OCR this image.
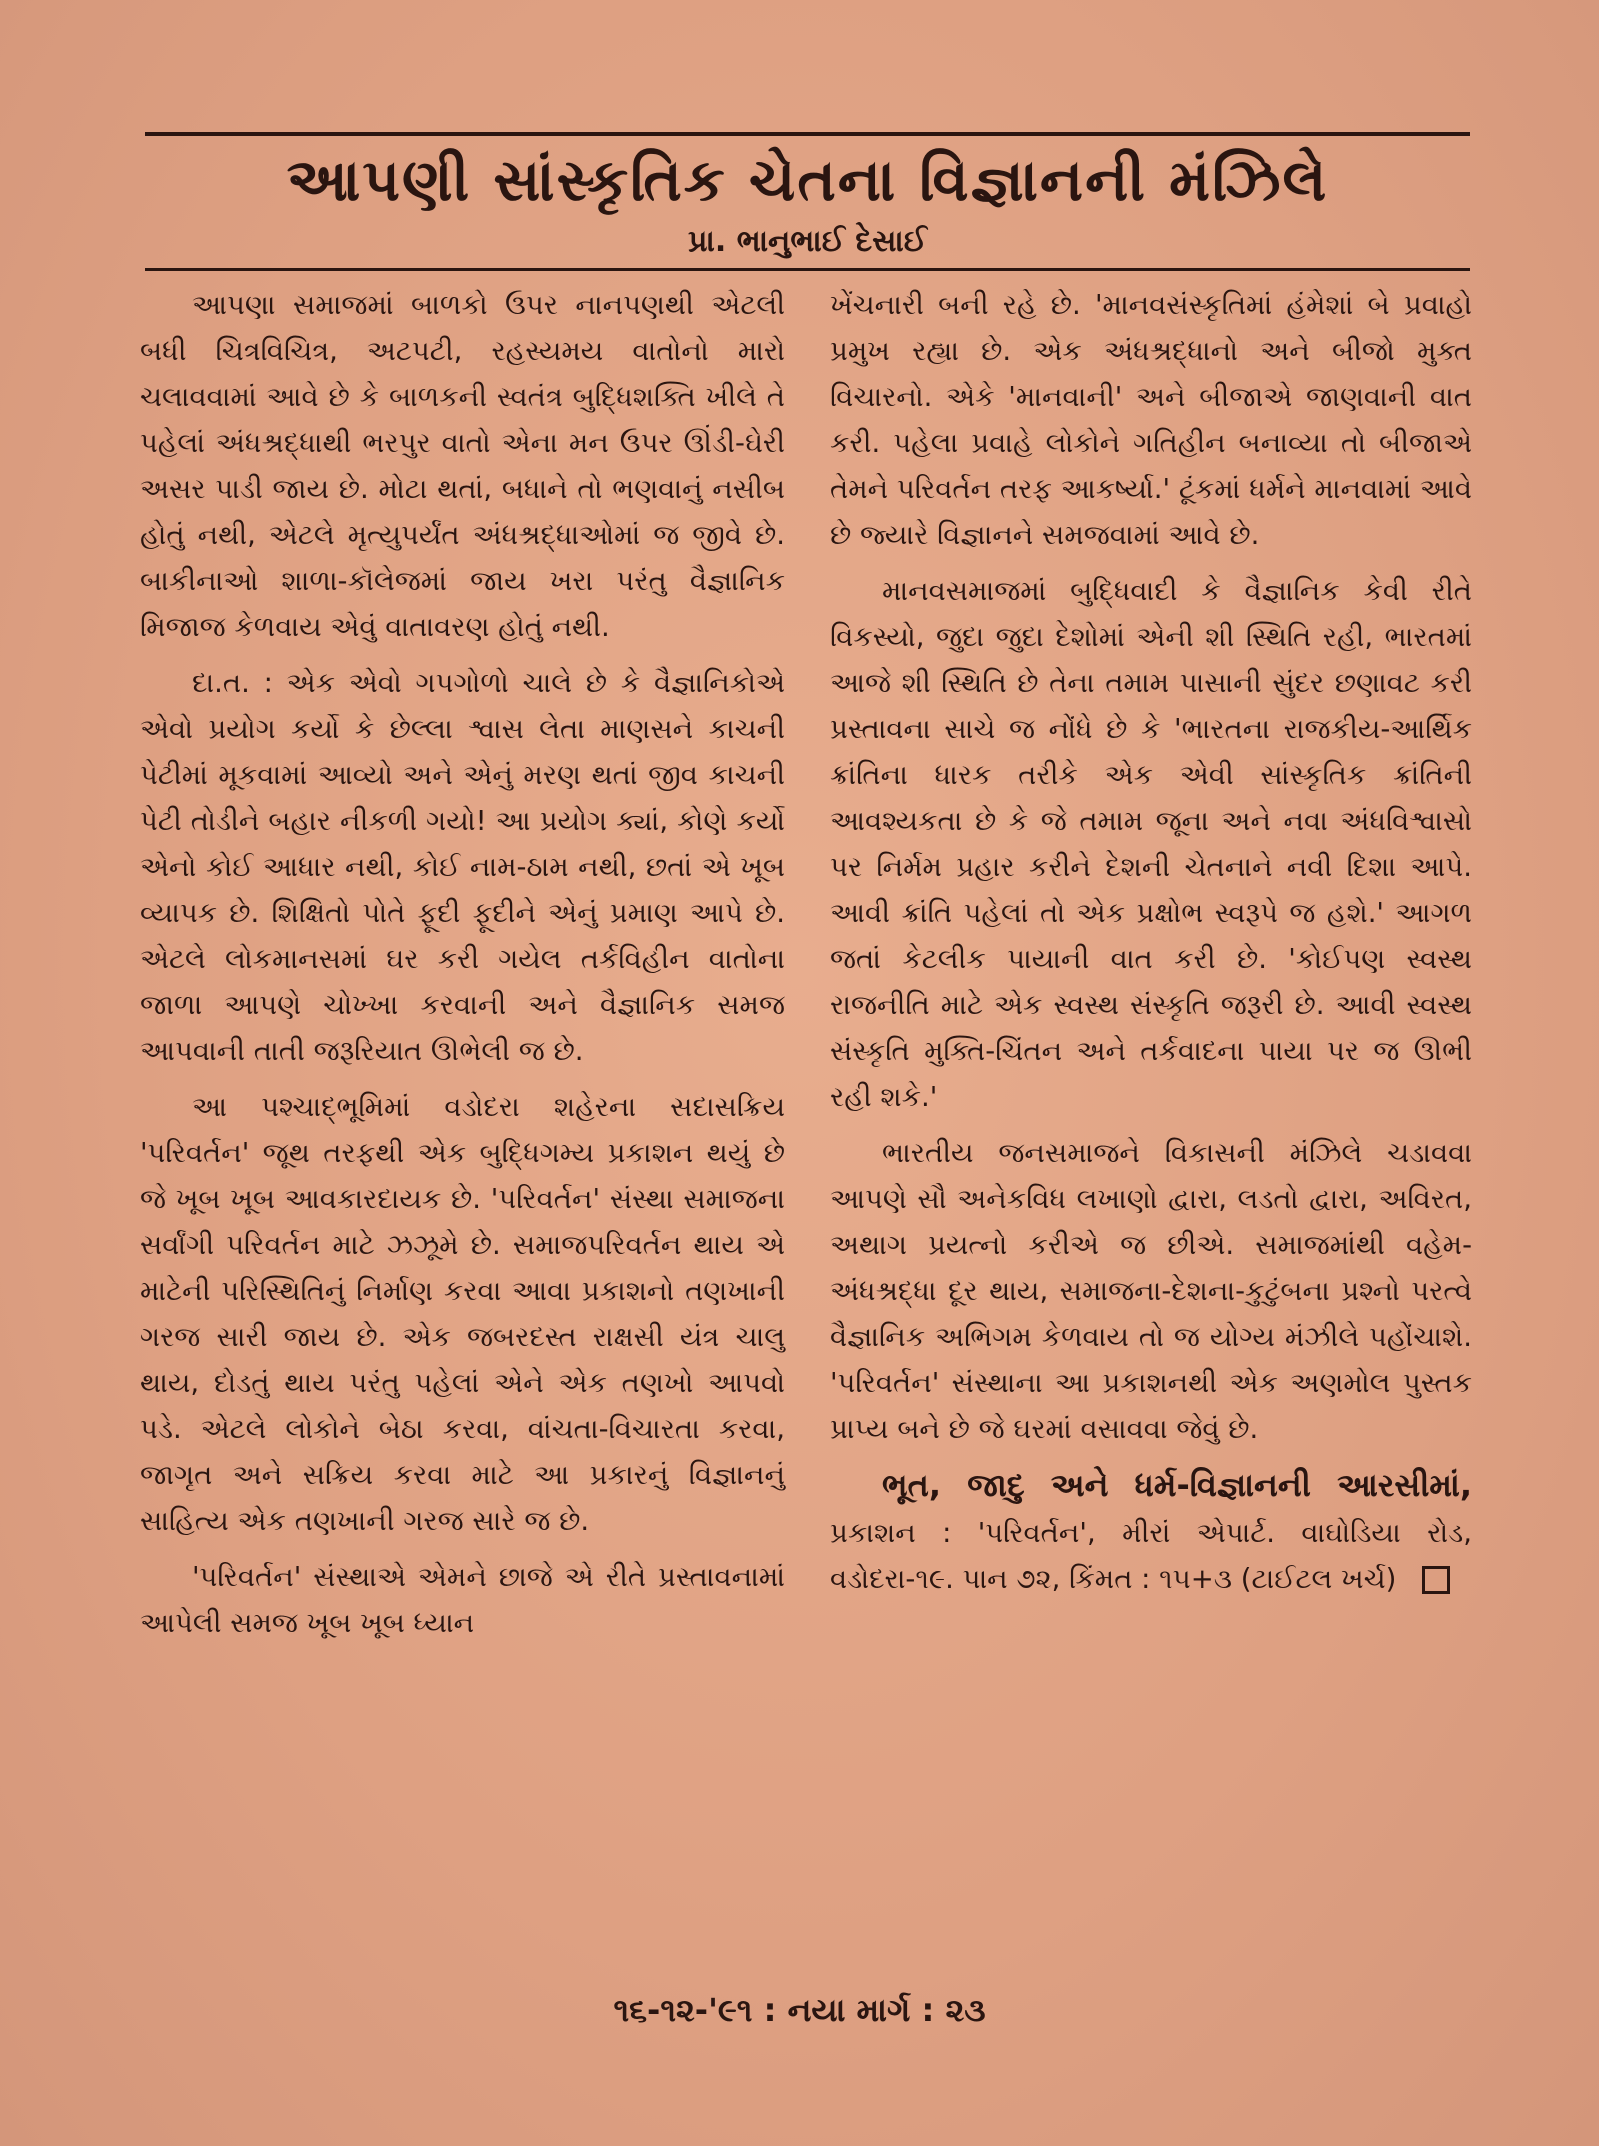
આપણી સાંસ્કૃતિક ચેતના વિજ્ઞાનની મંઝિલે
પ્રા. ભાનુભાઈ દેસાઈ

આપણા સમાજમાં બાળકો ઉપર નાનપણથી એટલી બધી ચિત્રવિચિત્ર, અટપટી, રહસ્યમય વાતોનો મારો ચલાવવામાં આવે છે કે બાળકની સ્વતંત્ર બુદ્ધિશક્તિ ખીલે તે પહેલાં અંધશ્રદ્ધાથી ભરપુર વાતો એના મન ઉપર ઊંડી-ઘેરી અસર પાડી જાય છે. મોટા થતાં, બધાને તો ભણવાનું નસીબ હોતું નથી, એટલે મૃત્યુપર્યંત અંધશ્રદ્ધાઓમાં જ જીવે છે. બાકીનાઓ શાળા-કૉલેજમાં જાય ખરા પરંતુ વૈજ્ઞાનિક મિજાજ કેળવાય એવું વાતાવરણ હોતું નથી.

દા.ત. : એક એવો ગપગોળો ચાલે છે કે વૈજ્ઞાનિકોએ એવો પ્રયોગ કર્યો કે છેલ્લા શ્વાસ લેતા માણસને કાચની પેટીમાં મૂકવામાં આવ્યો અને એનું મરણ થતાં જીવ કાચની પેટી તોડીને બહાર નીકળી ગયો! આ પ્રયોગ ક્યાં, કોણે કર્યો એનો કોઈ આધાર નથી, કોઈ નામ-ઠામ નથી, છતાં એ ખૂબ વ્યાપક છે. શિક્ષિતો પોતે ફૂદી ફૂદીને એનું પ્રમાણ આપે છે. એટલે લોકમાનસમાં ઘર કરી ગયેલ તર્કવિહીન વાતોના જાળા આપણે ચોખ્ખા કરવાની અને વૈજ્ઞાનિક સમજ આપવાની તાતી જરૂરિયાત ઊભેલી જ છે.

આ પશ્ચાદ્ભૂમિમાં વડોદરા શહેરના સદાસક્રિય 'પરિવર્તન' જૂથ તરફથી એક બુદ્ધિગમ્ય પ્રકાશન થયું છે જે ખૂબ ખૂબ આવકારદાયક છે. 'પરિવર્તન' સંસ્થા સમાજના સર્વાંગી પરિવર્તન માટે ઝઝૂમે છે. સમાજપરિવર્તન થાય એ માટેની પરિસ્થિતિનું નિર્માણ કરવા આવા પ્રકાશનો તણખાની ગરજ સારી જાય છે. એક જબરદસ્ત રાક્ષસી યંત્ર ચાલુ થાય, દોડતું થાય પરંતુ પહેલાં એને એક તણખો આપવો પડે. એટલે લોકોને બેઠા કરવા, વાંચતા-વિચારતા કરવા, જાગૃત અને સક્રિય કરવા માટે આ પ્રકારનું વિજ્ઞાનનું સાહિત્ય એક તણખાની ગરજ સારે જ છે.

'પરિવર્તન' સંસ્થાએ એમને છાજે એ રીતે પ્રસ્તાવનામાં આપેલી સમજ ખૂબ ખૂબ ધ્યાન

ખેંચનારી બની રહે છે. 'માનવસંસ્કૃતિમાં હંમેશાં બે પ્રવાહો પ્રમુખ રહ્યા છે. એક અંધશ્રદ્ધાનો અને બીજો મુક્ત વિચારનો. એકે 'માનવાની' અને બીજાએ જાણવાની વાત કરી. પહેલા પ્રવાહે લોકોને ગતિહીન બનાવ્યા તો બીજાએ તેમને પરિવર્તન તરફ આકર્ષ્યા.' ટૂંકમાં ધર્મને માનવામાં આવે છે જ્યારે વિજ્ઞાનને સમજવામાં આવે છે.

માનવસમાજમાં બુદ્ધિવાદી કે વૈજ્ઞાનિક કેવી રીતે વિકસ્યો, જુદા જુદા દેશોમાં એની શી સ્થિતિ રહી, ભારતમાં આજે શી સ્થિતિ છે તેના તમામ પાસાની સુંદર છણાવટ કરી પ્રસ્તાવના સાચે જ નોંધે છે કે 'ભારતના રાજકીય-આર્થિક ક્રાંતિના ધારક તરીકે એક એવી સાંસ્કૃતિક ક્રાંતિની આવશ્યકતા છે કે જે તમામ જૂના અને નવા અંધવિશ્વાસો પર નિર્મમ પ્રહાર કરીને દેશની ચેતનાને નવી દિશા આપે. આવી ક્રાંતિ પહેલાં તો એક પ્રક્ષોભ સ્વરૂપે જ હશે.' આગળ જતાં કેટલીક પાયાની વાત કરી છે. 'કોઈપણ સ્વસ્થ રાજનીતિ માટે એક સ્વસ્થ સંસ્કૃતિ જરૂરી છે. આવી સ્વસ્થ સંસ્કૃતિ મુક્તિ-ચિંતન અને તર્કવાદના પાયા પર જ ઊભી રહી શકે.'

ભારતીય જનસમાજને વિકાસની મંઝિલે ચડાવવા આપણે સૌ અનેકવિધ લખાણો દ્વારા, લડતો દ્વારા, અવિરત, અથાગ પ્રયત્નો કરીએ જ છીએ. સમાજમાંથી વહેમ-અંધશ્રદ્ધા દૂર થાય, સમાજના-દેશના-કુટુંબના પ્રશ્નો પરત્વે વૈજ્ઞાનિક અભિગમ કેળવાય તો જ યોગ્ય મંઝીલે પહોંચાશે. 'પરિવર્તન' સંસ્થાના આ પ્રકાશનથી એક અણમોલ પુસ્તક પ્રાપ્ય બને છે જે ઘરમાં વસાવવા જેવું છે.

ભૂત, જાદુ અને ધર્મ-વિજ્ઞાનની આરસીમાં, પ્રકાશન : 'પરિવર્તન', મીરાં એપાર્ટ. વાઘોડિયા રોડ, વડોદરા-૧૯. પાન ૭૨, કિંમત : ૧૫+૩ (ટાઈટલ ખર્ચ)

૧૬-૧૨-'૯૧ : નયા માર્ગ : ૨૩
